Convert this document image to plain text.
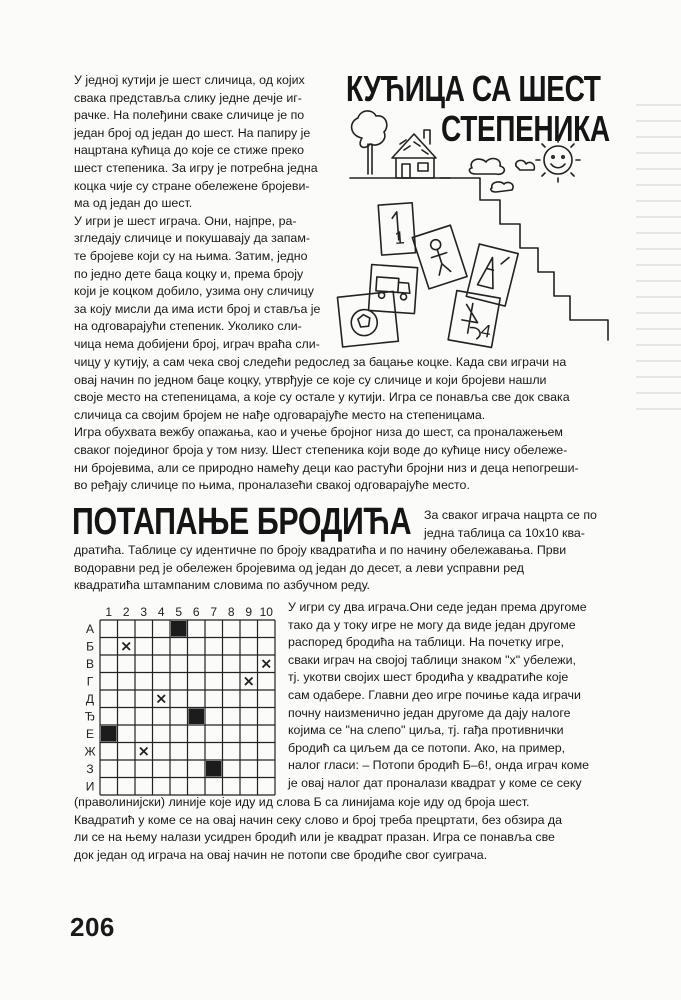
КУЋИЦА СА ШЕСТ
СТЕПЕНИКА
У једној кутији је шест сличица, од којих
свака представља слику једне дечје иг-
рачке. На полеђини сваке сличице је по
један број од један до шест. На папиру је
нацртана кућица до које се стиже преко
шест степеника. За игру је потребна једна
коцка чије су стране обележене бројеви-
ма од један до шест.
У игри је шест играча. Они, најпре, ра-
згледају сличице и покушавају да запам-
те бројеве који су на њима. Затим, једно
по једно дете баца коцку и, према броју
који је коцком добило, узима ону сличицу
за коју мисли да има исти број и ставља је
на одговарајући степеник. Уколико сли-
чица нема добијени број, играч враћа сли-
чицу у кутију, а сам чека свој следећи редослед за бацање коцке. Када сви играчи на
овај начин по једном баце коцку, утврђује се које су сличице и који бројеви нашли
своје место на степеницама, а које су остале у кутији. Игра се понавља све док свака
сличица са својим бројем не нађе одговарајуће место на степеницама.
Игра обухвата вежбу опажања, као и учење бројног низа до шест, са проналажењем
сваког појединог броја у том низу. Шест степеника који воде до кућице нису обележе-
ни бројевима, али се природно намећу деци као растући бројни низ и деца непогреши-
во ређају сличице по њима, проналазећи свакој одговарајуће место.
1
4
ПОТАПАЊЕ БРОДИЋА За сваког играча нацрта се по
једна таблица са 10x10 ква-
дратића. Таблице су идентичне по броју квадратића и по начину обележавања. Први
водоравни ред је обележен бројевима од један до десет, а леви усправни ред
квадратића штампаним словима по азбучном реду.
1 2 3 4 5 6 7 8 9 10
А
Б
В
Г
Д
Ђ
Е
Ж
З
И
У игри су два играча.Они седе један према другоме
тако да у току игре не могу да виде један другоме
распоред бродића на таблици. На почетку игре,
сваки играч на својој таблици знаком "x" убележи,
тј. укотви својих шест бродића у квадратиће које
сам одабере. Главни део игре почиње када играчи
почну наизменично један другоме да дају налоге
којима се "на слепо" циља, тј. гађа противнички
бродић са циљем да се потопи. Ако, на пример,
налог гласи: – Потопи бродић Б–6!, онда играч коме
је овај налог дат проналази квадрат у коме се секу
(праволинијски) линије које иду ид слова Б са линијама које иду од броја шест.
Квадратић у коме се на овај начин секу слово и број треба прецртати, без обзира да
ли се на њему налази усидрен бродић или је квадрат празан. Игра се понавља све
док један од играча на овај начин не потопи све бродиће свог суиграча.
206
